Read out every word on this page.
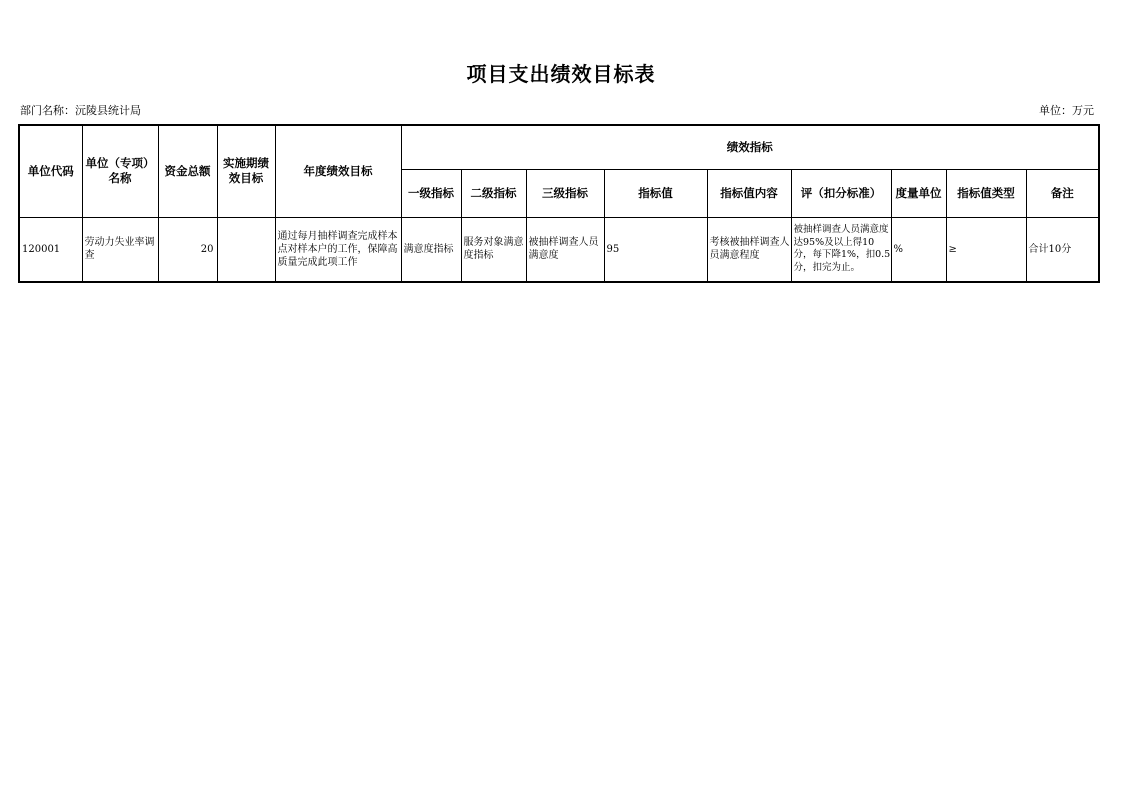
项目支出绩效目标表
部门名称：沅陵县统计局	单位：万元
单位代码	单位（专项）名称	资金总额	实施期绩效目标	年度绩效目标	绩效指标								
					一级指标	二级指标	三级指标	指标值	指标值内容	评（扣分标准）	度量单位	指标值类型	备注
120001	劳动力失业率调查	20		通过每月抽样调查完成样本点对样本户的工作，保障高质量完成此项工作	满意度指标	服务对象满意度指标	被抽样调查人员满意度	95	考核被抽样调查人员满意程度	被抽样调查人员满意度达95%及以上得10分，每下降1%，扣0.5分，扣完为止。	%	≥	合计10分
